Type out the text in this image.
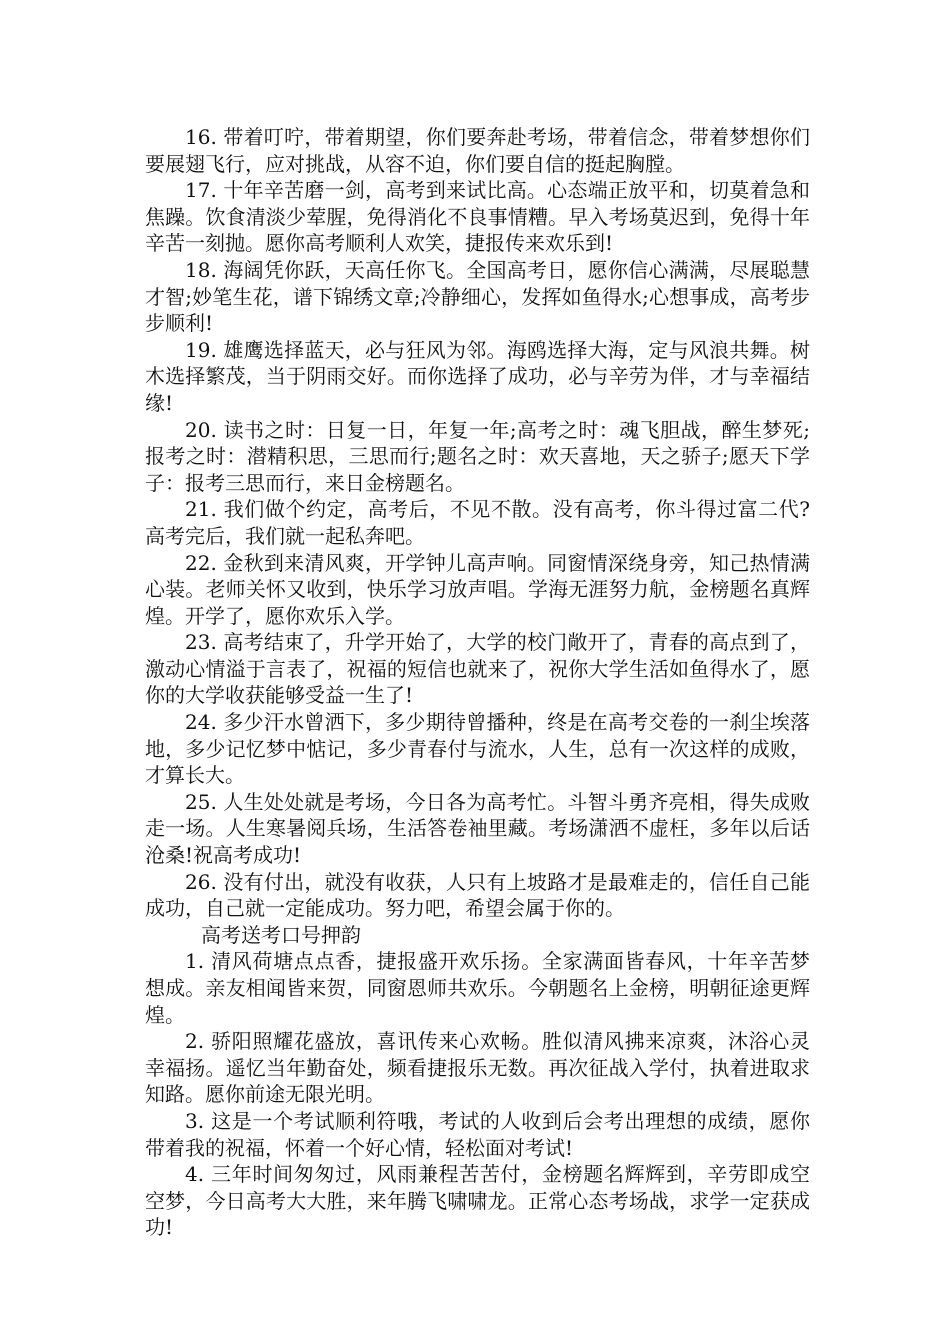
16. 带着叮咛，带着期望，你们要奔赴考场，带着信念，带着梦想你们要展翅飞行，应对挑战，从容不迫，你们要自信的挺起胸膛。

17. 十年辛苦磨一剑，高考到来试比高。心态端正放平和，切莫着急和焦躁。饮食清淡少荤腥，免得消化不良事情糟。早入考场莫迟到，免得十年辛苦一刻抛。愿你高考顺利人欢笑，捷报传来欢乐到!

18. 海阔凭你跃，天高任你飞。全国高考日，愿你信心满满，尽展聪慧才智;妙笔生花，谱下锦绣文章;冷静细心，发挥如鱼得水;心想事成，高考步步顺利!

19. 雄鹰选择蓝天，必与狂风为邻。海鸥选择大海，定与风浪共舞。树木选择繁茂，当于阴雨交好。而你选择了成功，必与辛劳为伴，才与幸福结缘!

20. 读书之时：日复一日，年复一年;高考之时：魂飞胆战，醉生梦死;报考之时：潜精积思，三思而行;题名之时：欢天喜地，天之骄子;愿天下学子：报考三思而行，来日金榜题名。

21. 我们做个约定，高考后，不见不散。没有高考，你斗得过富二代? 高考完后，我们就一起私奔吧。

22. 金秋到来清风爽，开学钟儿高声响。同窗情深绕身旁，知己热情满心装。老师关怀又收到，快乐学习放声唱。学海无涯努力航，金榜题名真辉煌。开学了，愿你欢乐入学。

23. 高考结束了，升学开始了，大学的校门敞开了，青春的高点到了，激动心情溢于言表了，祝福的短信也就来了，祝你大学生活如鱼得水了，愿你的大学收获能够受益一生了!

24. 多少汗水曾洒下，多少期待曾播种，终是在高考交卷的一刹尘埃落地，多少记忆梦中惦记，多少青春付与流水，人生，总有一次这样的成败，才算长大。

25. 人生处处就是考场，今日各为高考忙。斗智斗勇齐亮相，得失成败走一场。人生寒暑阅兵场，生活答卷袖里藏。考场潇洒不虚枉，多年以后话沧桑!祝高考成功!

26. 没有付出，就没有收获，人只有上坡路才是最难走的，信任自己能成功，自己就一定能成功。努力吧，希望会属于你的。

高考送考口号押韵

1. 清风荷塘点点香，捷报盛开欢乐扬。全家满面皆春风，十年辛苦梦想成。亲友相闻皆来贺，同窗恩师共欢乐。今朝题名上金榜，明朝征途更辉煌。

2. 骄阳照耀花盛放，喜讯传来心欢畅。胜似清风拂来凉爽，沐浴心灵幸福扬。遥忆当年勤奋处，频看捷报乐无数。再次征战入学付，执着进取求知路。愿你前途无限光明。

3. 这是一个考试顺利符哦，考试的人收到后会考出理想的成绩，愿你带着我的祝福，怀着一个好心情，轻松面对考试!

4. 三年时间匆匆过，风雨兼程苦苦付，金榜题名辉辉到，辛劳即成空空梦，今日高考大大胜，来年腾飞啸啸龙。正常心态考场战，求学一定获成功!
